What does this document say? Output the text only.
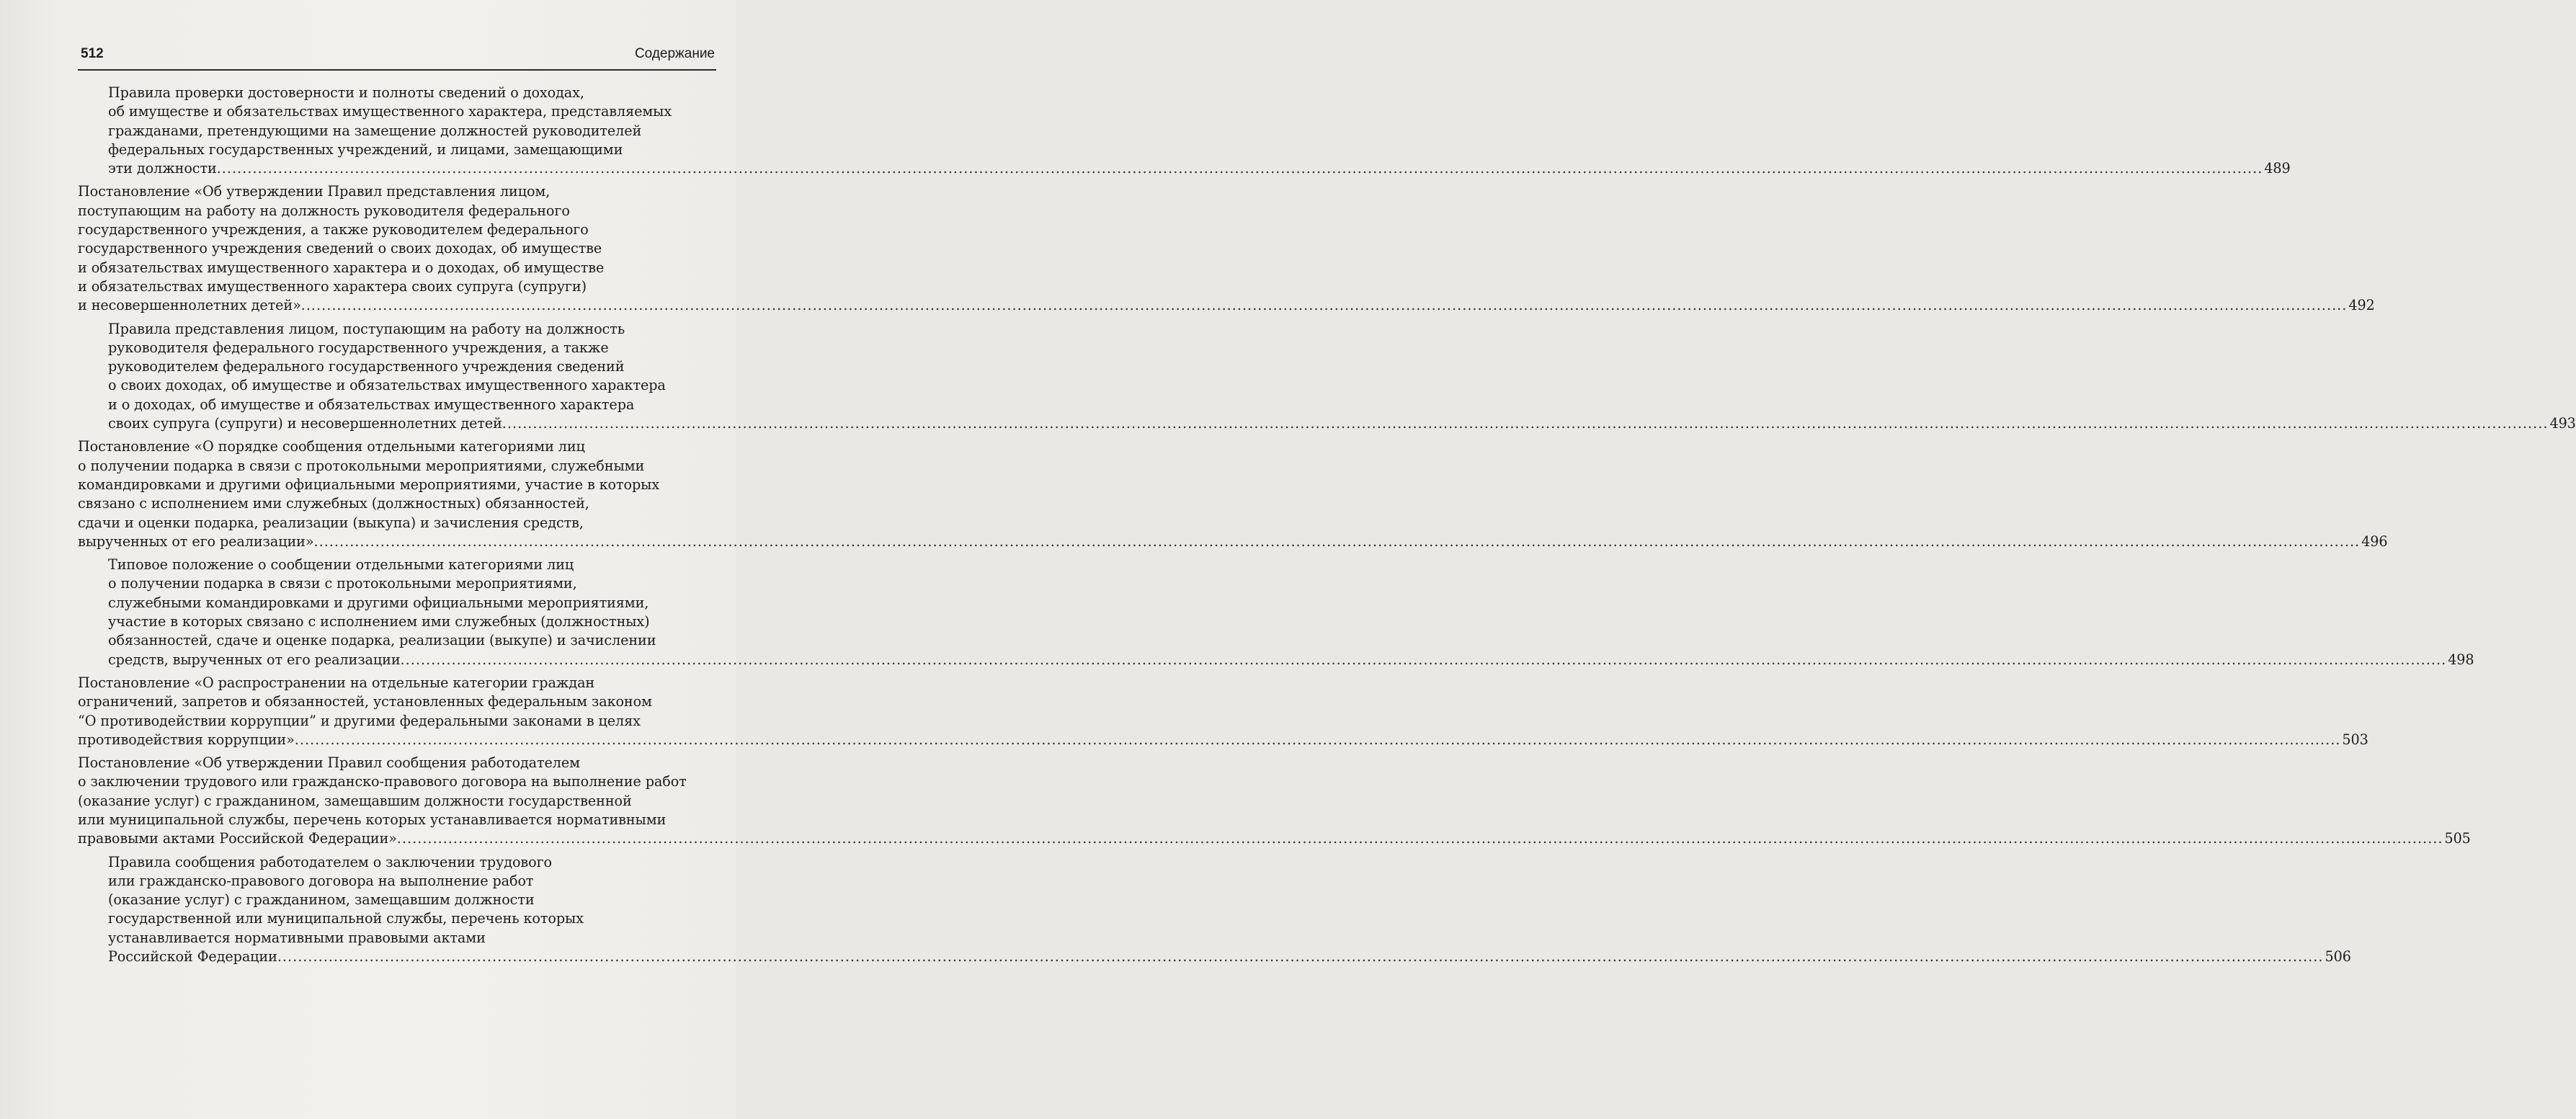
512	Содержание
Правила проверки достоверности и полноты сведений о доходах,
об имуществе и обязательствах имущественного характера, представляемых
гражданами, претендующими на замещение должностей руководителей
федеральных государственных учреждений, и лицами, замещающими
эти должности ................................................................................................................................................................................................................................................................................................................................................................................................................ 489
Постановление «Об утверждении Правил представления лицом,
поступающим на работу на должность руководителя федерального
государственного учреждения, а также руководителем федерального
государственного учреждения сведений о своих доходах, об имуществе
и обязательствах имущественного характера и о доходах, об имуществе
и обязательствах имущественного характера своих супруга (супруги)
и несовершеннолетних детей» ................................................................................................................................................................................................................................................................................................................................................................................................................ 492
Правила представления лицом, поступающим на работу на должность
руководителя федерального государственного учреждения, а также
руководителем федерального государственного учреждения сведений
о своих доходах, об имуществе и обязательствах имущественного характера
и о доходах, об имуществе и обязательствах имущественного характера
своих супруга (супруги) и несовершеннолетних детей ................................................................................................................................................................................................................................................................................................................................................................................................................ 493
Постановление «О порядке сообщения отдельными категориями лиц
о получении подарка в связи с протокольными мероприятиями, служебными
командировками и другими официальными мероприятиями, участие в которых
связано с исполнением ими служебных (должностных) обязанностей,
сдачи и оценки подарка, реализации (выкупа) и зачисления средств,
вырученных от его реализации» ................................................................................................................................................................................................................................................................................................................................................................................................................ 496
Типовое положение о сообщении отдельными категориями лиц
о получении подарка в связи с протокольными мероприятиями,
служебными командировками и другими официальными мероприятиями,
участие в которых связано с исполнением ими служебных (должностных)
обязанностей, сдаче и оценке подарка, реализации (выкупе) и зачислении
средств, вырученных от его реализации ................................................................................................................................................................................................................................................................................................................................................................................................................ 498
Постановление «О распространении на отдельные категории граждан
ограничений, запретов и обязанностей, установленных федеральным законом
“О противодействии коррупции” и другими федеральными законами в целях
противодействия коррупции» ................................................................................................................................................................................................................................................................................................................................................................................................................ 503
Постановление «Об утверждении Правил сообщения работодателем
о заключении трудового или гражданско-правового договора на выполнение работ
(оказание услуг) с гражданином, замещавшим должности государственной
или муниципальной службы, перечень которых устанавливается нормативными
правовыми актами Российской Федерации» ................................................................................................................................................................................................................................................................................................................................................................................................................ 505
Правила сообщения работодателем о заключении трудового
или гражданско-правового договора на выполнение работ
(оказание услуг) с гражданином, замещавшим должности
государственной или муниципальной службы, перечень которых
устанавливается нормативными правовыми актами
Российской Федерации ................................................................................................................................................................................................................................................................................................................................................................................................................ 506
